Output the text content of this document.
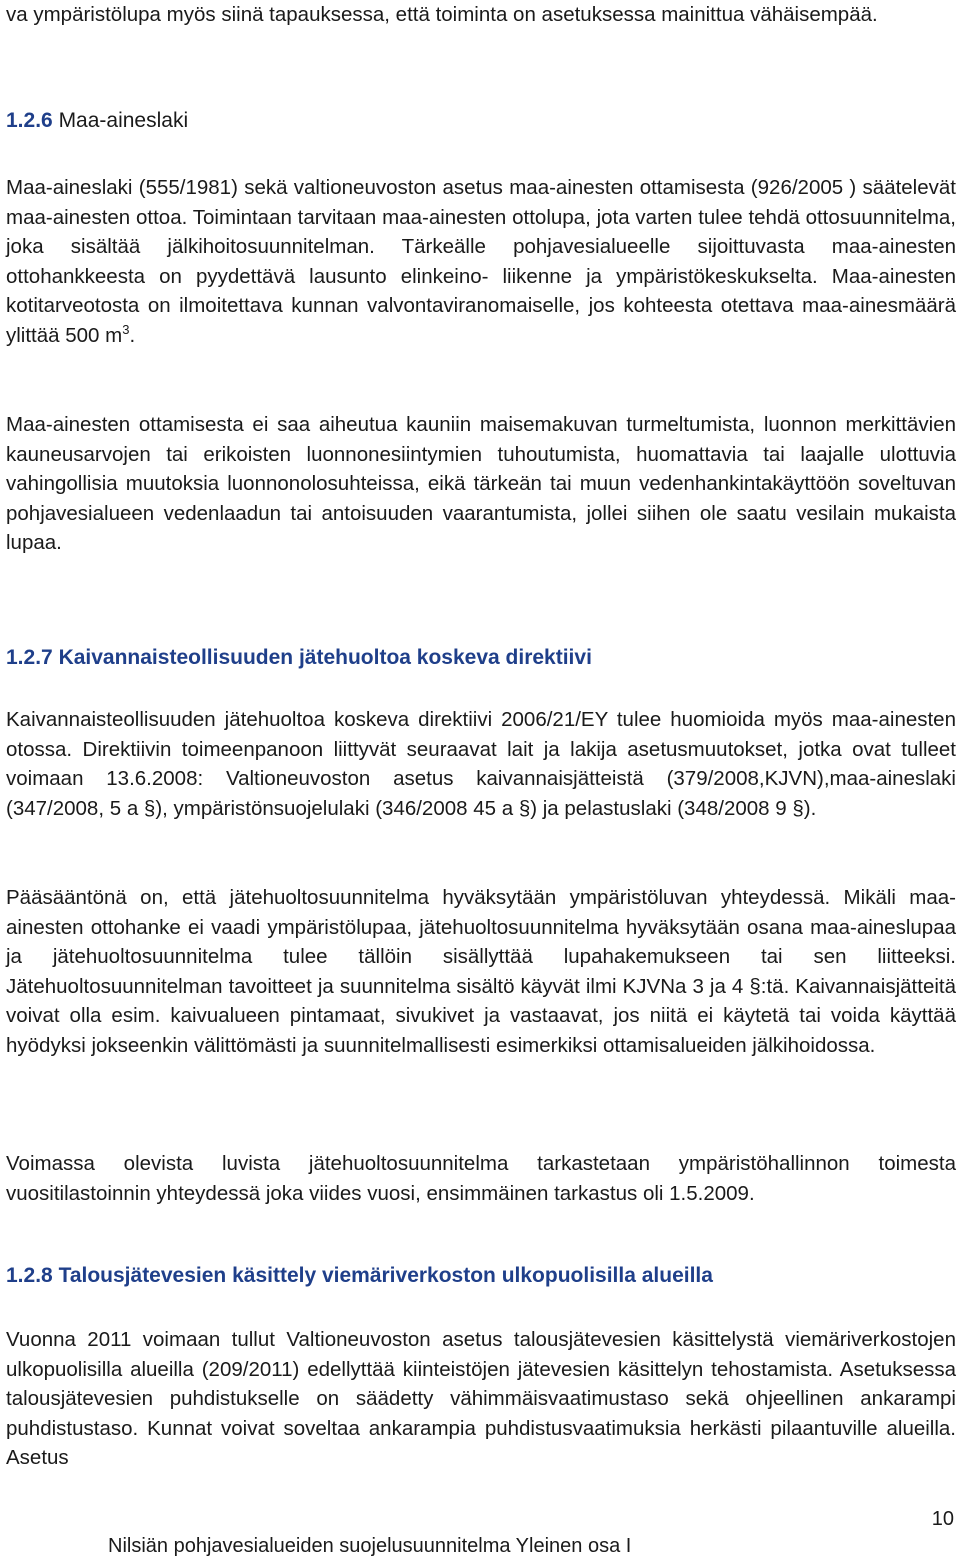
va ympäristölupa myös siinä tapauksessa, että toiminta on asetuksessa mainittua vähäisempää.

1.2.6 Maa-aineslaki

Maa-aineslaki (555/1981) sekä valtioneuvoston asetus maa-ainesten ottamisesta (926/2005 ) säätelevät maa-ainesten ottoa. Toimintaan tarvitaan maa-ainesten ottolupa, jota varten tulee tehdä ottosuunnitelma, joka sisältää jälkihoitosuunnitelman. Tärkeälle pohjavesialueelle sijoittuvasta maa-ainesten ottohankkeesta on pyydettävä lausunto elinkeino- liikenne ja ympäristökeskukselta. Maa-ainesten kotitarveotosta on ilmoitettava kunnan valvontaviranomaiselle, jos kohteesta otettava maa-ainesmäärä ylittää 500 $m^3$.

Maa-ainesten ottamisesta ei saa aiheutua kauniin maisemakuvan turmeltumista, luonnon merkittävien kauneusarvojen tai erikoisten luonnonesiintymien tuhoutumista, huomattavia tai laajalle ulottuvia vahingollisia muutoksia luonnonolosuhteissa, eikä tärkeän tai muun vedenhankintakäyttöön soveltuvan pohjavesialueen vedenlaadun tai antoisuuden vaarantumista, jollei siihen ole saatu vesilain mukaista lupaa.

1.2.7 Kaivannaisteollisuuden jätehuoltoa koskeva direktiivi

Kaivannaisteollisuuden jätehuoltoa koskeva direktiivi 2006/21/EY tulee huomioida myös maa-ainesten otossa. Direktiivin toimeenpanoon liittyvät seuraavat lait ja lakija asetusmuutokset, jotka ovat tulleet voimaan 13.6.2008: Valtioneuvoston asetus kaivannaisjätteistä (379/2008,KJVN),maa-aineslaki (347/2008, 5 a §), ympäristönsuojelulaki (346/2008 45 a §) ja pelastuslaki (348/2008 9 §).

Pääsääntönä on, että jätehuoltosuunnitelma hyväksytään ympäristöluvan yhteydessä. Mikäli maa-ainesten ottohanke ei vaadi ympäristölupaa, jätehuoltosuunnitelma hyväksytään osana maa-aineslupaa ja jätehuoltosuunnitelma tulee tällöin sisällyttää lupahakemukseen tai sen liitteeksi. Jätehuoltosuunnitelman tavoitteet ja suunnitelma sisältö käyvät ilmi KJVNa 3 ja 4 §:tä. Kaivannaisjätteitä voivat olla esim. kaivualueen pintamaat, sivukivet ja vastaavat, jos niitä ei käytetä tai voida käyttää hyödyksi jokseenkin välittömästi ja suunnitelmallisesti esimerkiksi ottamisalueiden jälkihoidossa.

Voimassa olevista luvista jätehuoltosuunnitelma tarkastetaan ympäristöhallinnon toimesta vuositilastoinnin yhteydessä joka viides vuosi, ensimmäinen tarkastus oli 1.5.2009.

1.2.8 Talousjätevesien käsittely viemäriverkoston ulkopuolisilla alueilla

Vuonna 2011 voimaan tullut Valtioneuvoston asetus talousjätevesien käsittelystä viemäriverkostojen ulkopuolisilla alueilla (209/2011) edellyttää kiinteistöjen jätevesien käsittelyn tehostamista. Asetuksessa talousjätevesien puhdistukselle on säädetty vähimmäisvaatimustaso sekä ohjeellinen ankarampi puhdistustaso. Kunnat voivat soveltaa ankarampia puhdistusvaatimuksia herkästi pilaantuville alueilla. Asetus

10

Nilsiän pohjavesialueiden suojelusuunnitelma Yleinen osa I
